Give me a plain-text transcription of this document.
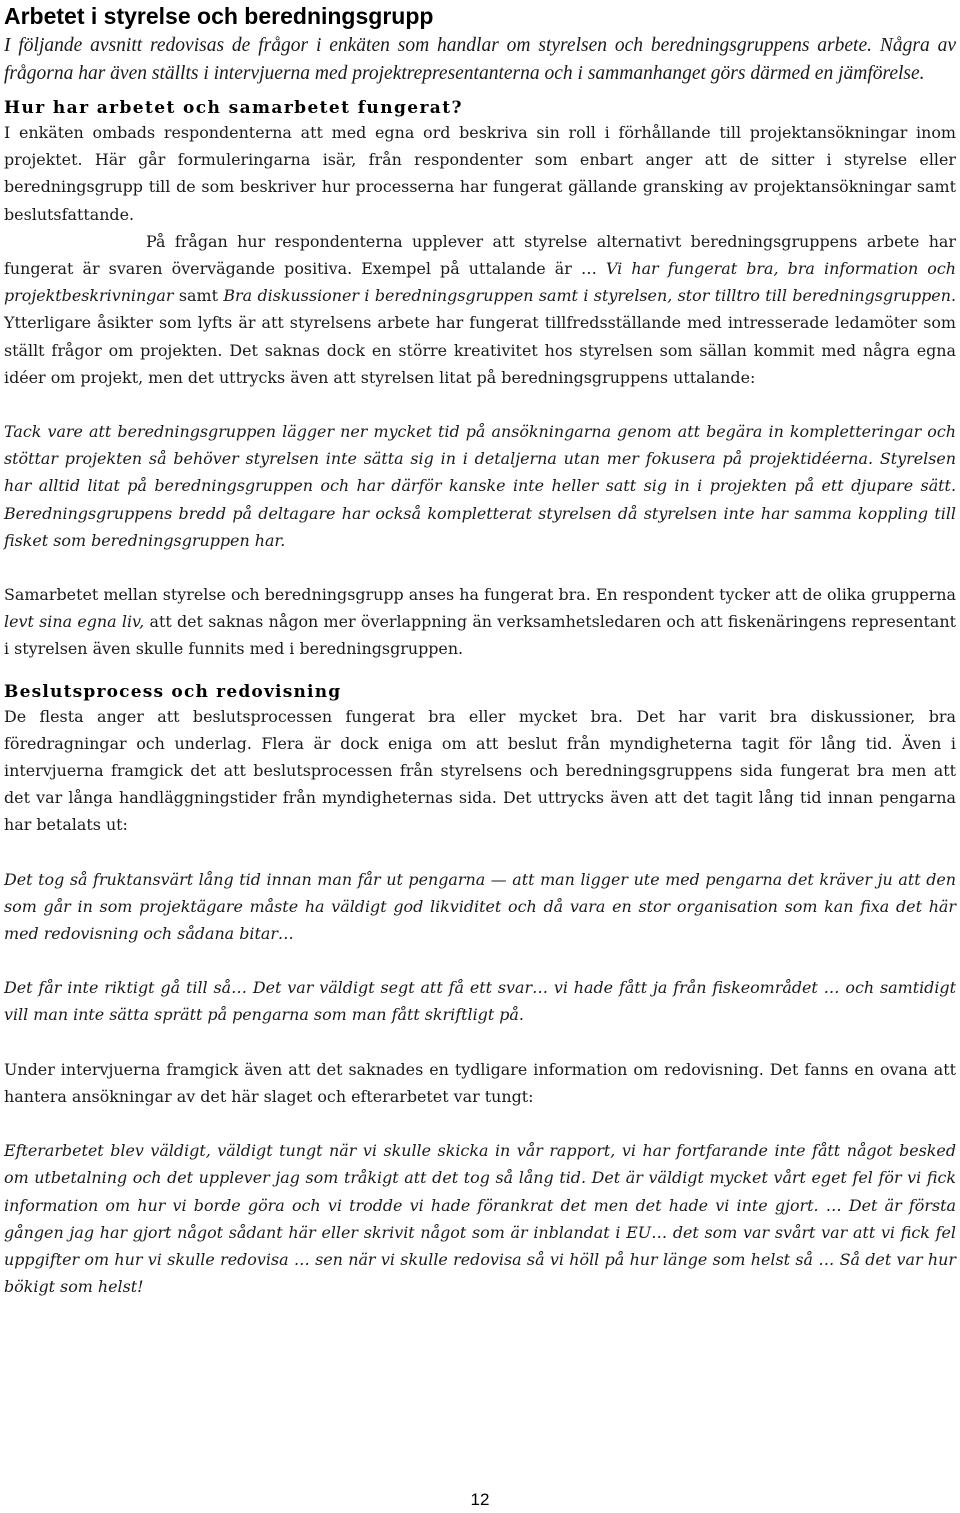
Arbetet i styrelse och beredningsgrupp

I följande avsnitt redovisas de frågor i enkäten som handlar om styrelsen och beredningsgruppens arbete. Några av frågorna har även ställts i intervjuerna med projektrepresentanterna och i sammanhanget görs därmed en jämförelse.

Hur har arbetet och samarbetet fungerat?

I enkäten ombads respondenterna att med egna ord beskriva sin roll i förhållande till projektansökningar inom projektet. Här går formuleringarna isär, från respondenter som enbart anger att de sitter i styrelse eller beredningsgrupp till de som beskriver hur processerna har fungerat gällande gransking av projektansökningar samt beslutsfattande.

På frågan hur respondenterna upplever att styrelse alternativt beredningsgruppens arbete har fungerat är svaren övervägande positiva. Exempel på uttalande är … Vi har fungerat bra, bra information och projektbeskrivningar samt Bra diskussioner i beredningsgruppen samt i styrelsen, stor tilltro till beredningsgruppen. Ytterligare åsikter som lyfts är att styrelsens arbete har fungerat tillfredsställande med intresserade ledamöter som ställt frågor om projekten. Det saknas dock en större kreativitet hos styrelsen som sällan kommit med några egna idéer om projekt, men det uttrycks även att styrelsen litat på beredningsgruppens uttalande:

Tack vare att beredningsgruppen lägger ner mycket tid på ansökningarna genom att begära in kompletteringar och stöttar projekten så behöver styrelsen inte sätta sig in i detaljerna utan mer fokusera på projektidéerna. Styrelsen har alltid litat på beredningsgruppen och har därför kanske inte heller satt sig in i projekten på ett djupare sätt. Beredningsgruppens bredd på deltagare har också kompletterat styrelsen då styrelsen inte har samma koppling till fisket som beredningsgruppen har.

Samarbetet mellan styrelse och beredningsgrupp anses ha fungerat bra. En respondent tycker att de olika grupperna levt sina egna liv, att det saknas någon mer överlappning än verksamhetsledaren och att fiskenäringens representant i styrelsen även skulle funnits med i beredningsgruppen.

Beslutsprocess och redovisning

De flesta anger att beslutsprocessen fungerat bra eller mycket bra. Det har varit bra diskussioner, bra föredragningar och underlag. Flera är dock eniga om att beslut från myndigheterna tagit för lång tid. Även i intervjuerna framgick det att beslutsprocessen från styrelsens och beredningsgruppens sida fungerat bra men att det var långa handläggningstider från myndigheternas sida. Det uttrycks även att det tagit lång tid innan pengarna har betalats ut:

Det tog så fruktansvärt lång tid innan man får ut pengarna — att man ligger ute med pengarna det kräver ju att den som går in som projektägare måste ha väldigt god likviditet och då vara en stor organisation som kan fixa det här med redovisning och sådana bitar…

Det får inte riktigt gå till så… Det var väldigt segt att få ett svar… vi hade fått ja från fiskeområdet … och samtidigt vill man inte sätta sprätt på pengarna som man fått skriftligt på.

Under intervjuerna framgick även att det saknades en tydligare information om redovisning. Det fanns en ovana att hantera ansökningar av det här slaget och efterarbetet var tungt:

Efterarbetet blev väldigt, väldigt tungt när vi skulle skicka in vår rapport, vi har fortfarande inte fått något besked om utbetalning och det upplever jag som tråkigt att det tog så lång tid. Det är väldigt mycket vårt eget fel för vi fick information om hur vi borde göra och vi trodde vi hade förankrat det men det hade vi inte gjort. … Det är första gången jag har gjort något sådant här eller skrivit något som är inblandat i EU… det som var svårt var att vi fick fel uppgifter om hur vi skulle redovisa … sen när vi skulle redovisa så vi höll på hur länge som helst så … Så det var hur bökigt som helst!

12
